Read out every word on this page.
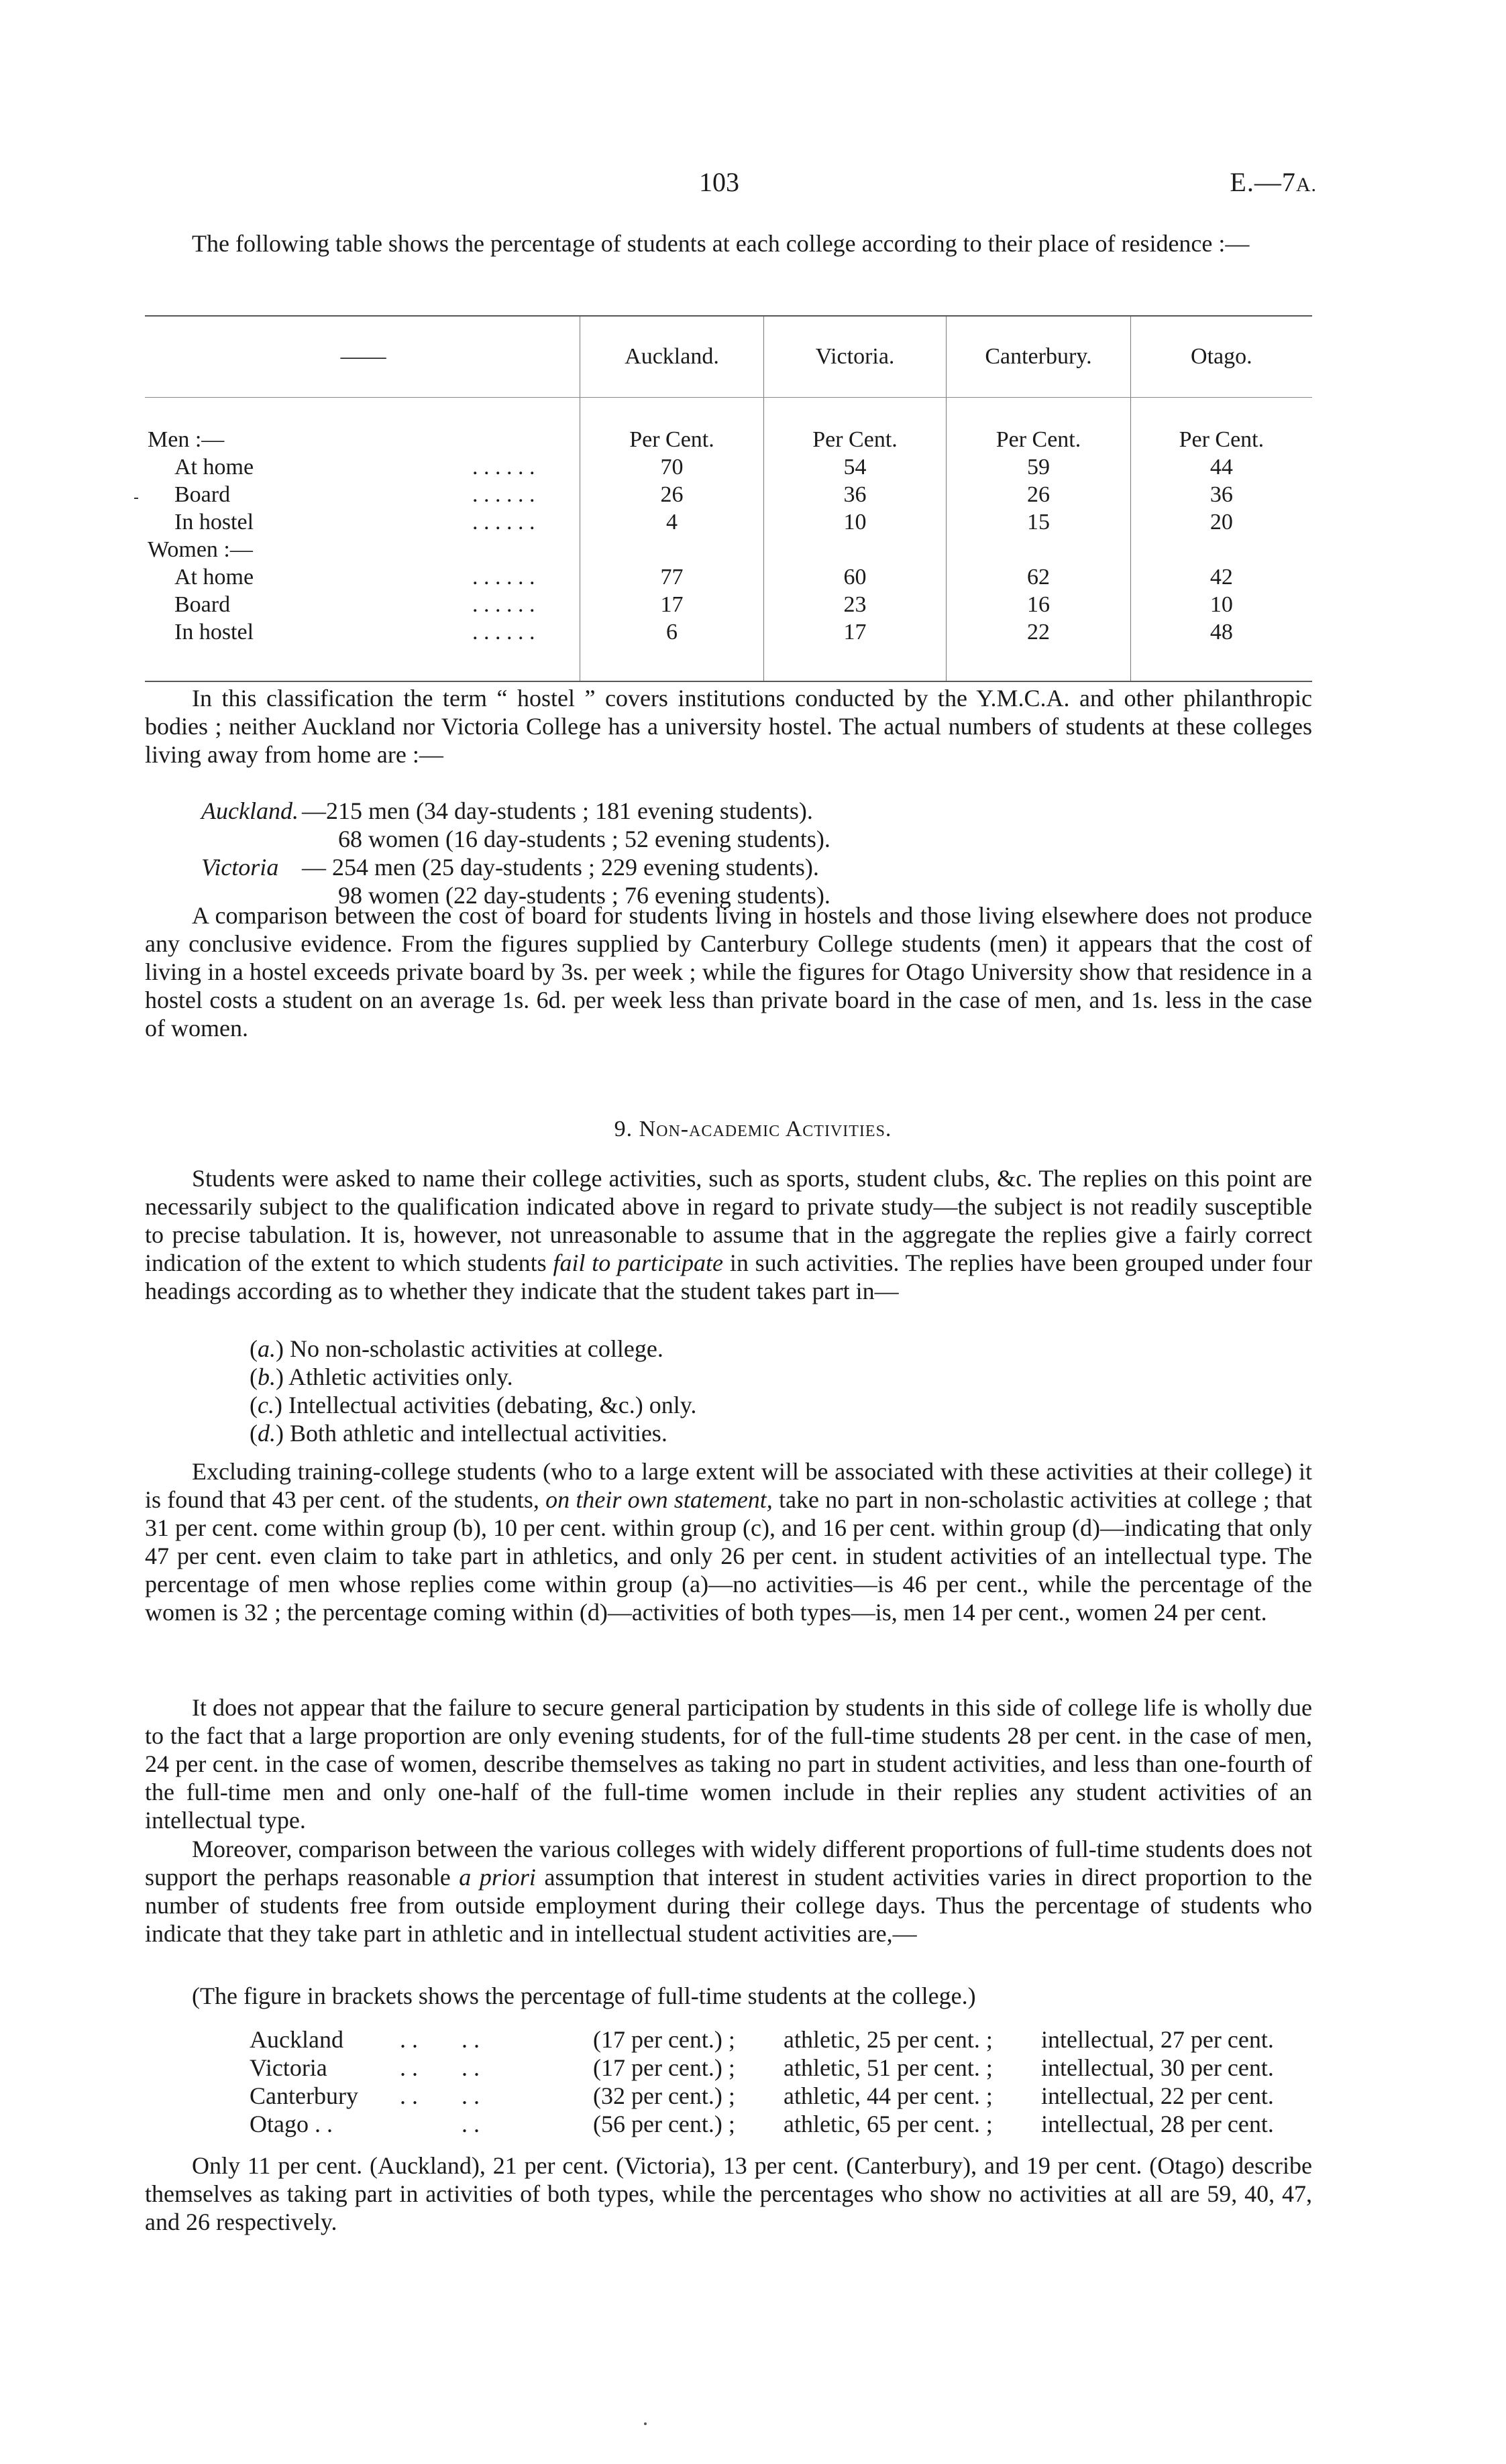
103	E.—7A.

The following table shows the percentage of students at each college according to their place of residence :—

——	Auckland.	Victoria.	Canterbury.	Otago.
Men :—	Per Cent.	Per Cent.	Per Cent.	Per Cent.
At home . . . . . .	70	54	59	44
Board . . . . . .	26	36	26	36
In hostel . . . . . .	4	10	15	20
Women :—				
At home . . . . . .	77	60	62	42
Board . . . . . .	17	23	16	10
In hostel . . . . . .	6	17	22	48

In this classification the term “ hostel ” covers institutions conducted by the Y.M.C.A. and other philanthropic bodies ; neither Auckland nor Victoria College has a university hostel. The actual numbers of students at these colleges living away from home are :—

Auckland. —215 men (34 day-students ; 181 evening students).
68 women (16 day-students ; 52 evening students).
Victoria — 254 men (25 day-students ; 229 evening students).
98 women (22 day-students ; 76 evening students).

A comparison between the cost of board for students living in hostels and those living elsewhere does not produce any conclusive evidence. From the figures supplied by Canterbury College students (men) it appears that the cost of living in a hostel exceeds private board by 3s. per week ; while the figures for Otago University show that residence in a hostel costs a student on an average 1s. 6d. per week less than private board in the case of men, and 1s. less in the case of women.

9. Non-academic Activities.

Students were asked to name their college activities, such as sports, student clubs, &c. The replies on this point are necessarily subject to the qualification indicated above in regard to private study—the subject is not readily susceptible to precise tabulation. It is, however, not unreasonable to assume that in the aggregate the replies give a fairly correct indication of the extent to which students fail to participate in such activities. The replies have been grouped under four headings according as to whether they indicate that the student takes part in—

(a.) No non-scholastic activities at college.
(b.) Athletic activities only.
(c.) Intellectual activities (debating, &c.) only.
(d.) Both athletic and intellectual activities.

Excluding training-college students (who to a large extent will be associated with these activities at their college) it is found that 43 per cent. of the students, on their own statement, take no part in non-scholastic activities at college ; that 31 per cent. come within group (b), 10 per cent. within group (c), and 16 per cent. within group (d)—indicating that only 47 per cent. even claim to take part in athletics, and only 26 per cent. in student activities of an intellectual type. The percentage of men whose replies come within group (a)—no activities—is 46 per cent., while the percentage of the women is 32 ; the percentage coming within (d)—activities of both types—is, men 14 per cent., women 24 per cent.

It does not appear that the failure to secure general participation by students in this side of college life is wholly due to the fact that a large proportion are only evening students, for of the full-time students 28 per cent. in the case of men, 24 per cent. in the case of women, describe themselves as taking no part in student activities, and less than one-fourth of the full-time men and only one-half of the full-time women include in their replies any student activities of an intellectual type.

Moreover, comparison between the various colleges with widely different proportions of full-time students does not support the perhaps reasonable a priori assumption that interest in student activities varies in direct proportion to the number of students free from outside employment during their college days. Thus the percentage of students who indicate that they take part in athletic and in intellectual student activities are,—

(The figure in brackets shows the percentage of full-time students at the college.)
Auckland . . . .	(17 per cent.) ; athletic, 25 per cent. ; intellectual, 27 per cent.
Victoria	. . . .	(17 per cent.) ; athletic, 51 per cent. ; intellectual, 30 per cent.
Canterbury . . . .	(32 per cent.) ; athletic, 44 per cent. ; intellectual, 22 per cent.
Otago . .	. .	(56 per cent.) ; athletic, 65 per cent. ; intellectual, 28 per cent.

Only 11 per cent. (Auckland), 21 per cent. (Victoria), 13 per cent. (Canterbury), and 19 per cent. (Otago) describe themselves as taking part in activities of both types, while the percentages who show no activities at all are 59, 40, 47, and 26 respectively.
